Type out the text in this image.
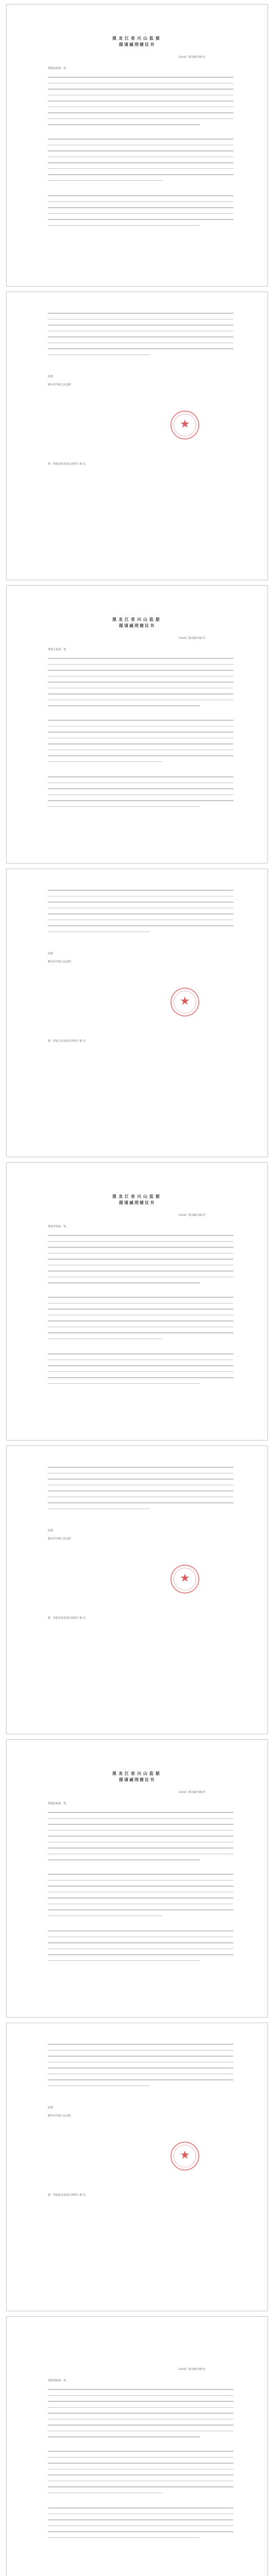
黑龙江省兴山监狱
提请减刑建议书
（2016）黑兴减字第1号
罪犯姜某某，男，
此致
鹤岗市中级人民法院
★
附：罪犯姜某某卷宗材料共 册 页
黑龙江省兴山监狱
提请减刑建议书
（2016）黑兴减字第2号
罪犯王某某，男，
此致
鹤岗市中级人民法院
★
附：罪犯王某某卷宗材料共 册 页
黑龙江省兴山监狱
提请减刑建议书
（2016）黑兴减字第3号
罪犯李某某，男，
此致
鹤岗市中级人民法院
★
附：罪犯李某某卷宗材料共 册 页
黑龙江省兴山监狱
提请减刑建议书
（2016）黑兴减字第4号
罪犯张某某，男，
此致
鹤岗市中级人民法院
★
附：罪犯张某某卷宗材料共 册 页
（2016）黑兴减字第5号
罪犯刘某某，男，
